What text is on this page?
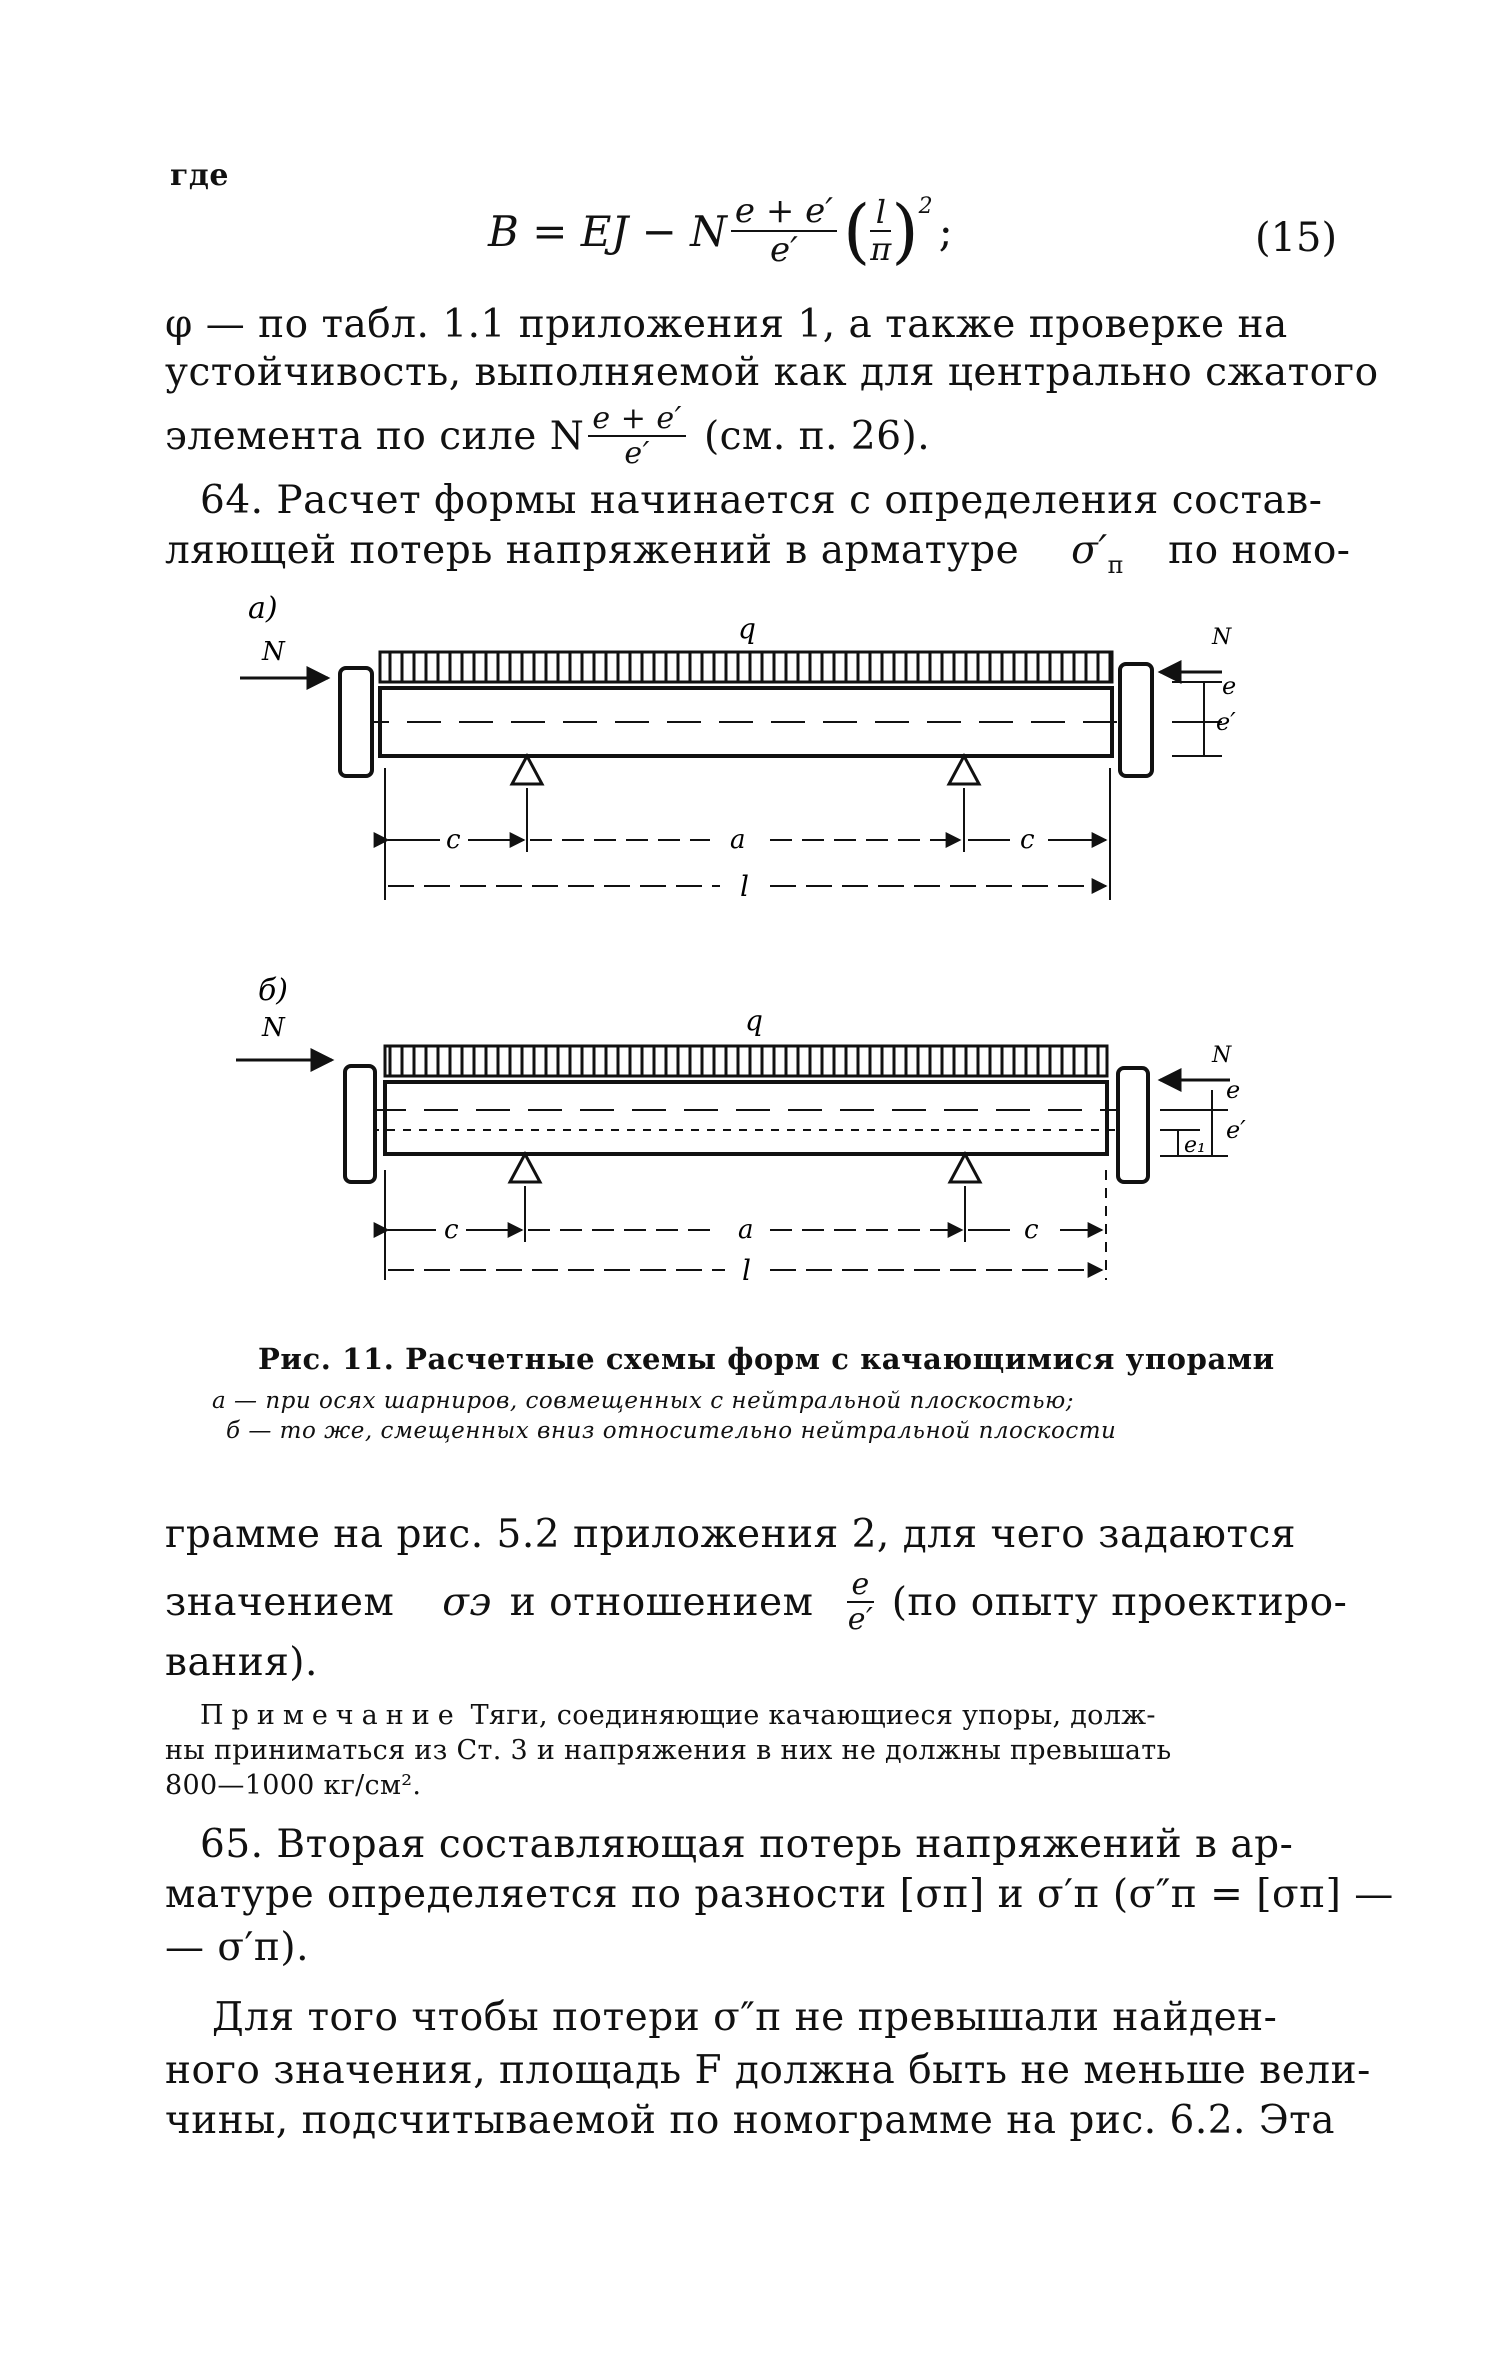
где
B = EJ − N $\frac{e + e'}{e'}$ ( $\frac{l}{\pi}$ ) 2 ;	(15)
φ — по табл. 1.1 приложения 1, а также проверке на
устойчивость, выполняемой как для центрально сжатого
элемента по силе N $\frac{e + e'}{e'} (см$. п. 26).
64. Расчет формы начинается с определения состав-
ляющей потерь напряжений в арматуре σ′ п по номо-
а)
N
q	N
e
e′
c	a	c
l
б)
N	q
N
e
e₁
e′
c	a	c
l
Рис. 11. Расчетные схемы форм с качающимися упорами
а — при осях шарниров, совмещенных с нейтральной плоскостью;
б — то же, смещенных вниз относительно нейтральной плоскости
грамме на рис. 5.2 приложения 2, для чего задаются
значением σэ и отношением $\frac{e}{e'} (по$ опыту проектиро-
вания).
Примечание Тяги, соединяющие качающиеся упоры, долж-
ны приниматься из Ст. 3 и напряжения в них не должны превышать
800—1000 кг/см².
65. Вторая составляющая потерь напряжений в ар-
матуре определяется по разности [σп] и σ′п (σ″п = [σп] —
— σ′п).
Для того чтобы потери σ″п не превышали найден-
ного значения, площадь F должна быть не меньше вели-
чины, подсчитываемой по номограмме на рис. 6.2. Эта
